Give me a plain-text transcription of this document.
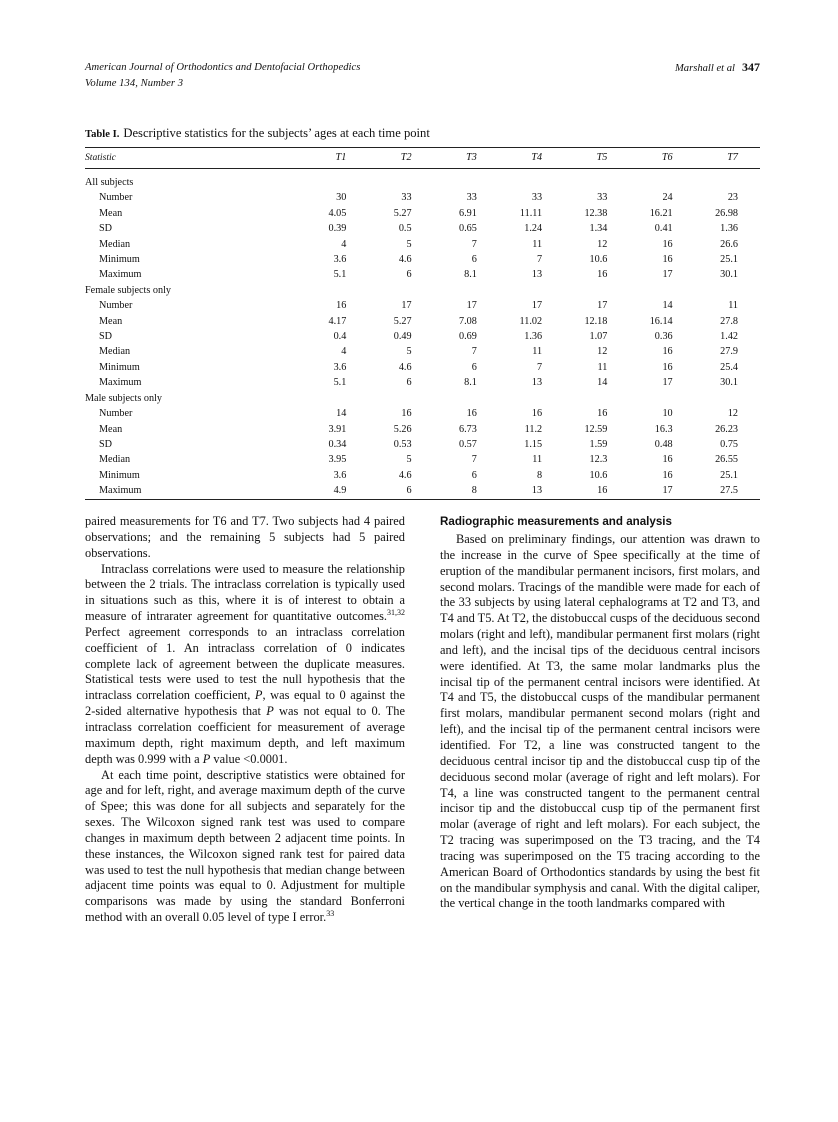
American Journal of Orthodontics and Dentofacial Orthopedics
Volume 134, Number 3
Marshall et al 347
Table I. Descriptive statistics for the subjects’ ages at each time point
Statistic	T1	T2	T3	T4	T5	T6	T7

All subjects							
Number	30	33	33	33	33	24	23
Mean	4.05	5.27	6.91	11.11	12.38	16.21	26.98
SD	0.39	0.5	0.65	1.24	1.34	0.41	1.36
Median	4	5	7	11	12	16	26.6
Minimum	3.6	4.6	6	7	10.6	16	25.1
Maximum	5.1	6	8.1	13	16	17	30.1
Female subjects only							
Number	16	17	17	17	17	14	11
Mean	4.17	5.27	7.08	11.02	12.18	16.14	27.8
SD	0.4	0.49	0.69	1.36	1.07	0.36	1.42
Median	4	5	7	11	12	16	27.9
Minimum	3.6	4.6	6	7	11	16	25.4
Maximum	5.1	6	8.1	13	14	17	30.1
Male subjects only							
Number	14	16	16	16	16	10	12
Mean	3.91	5.26	6.73	11.2	12.59	16.3	26.23
SD	0.34	0.53	0.57	1.15	1.59	0.48	0.75
Median	3.95	5	7	11	12.3	16	26.55
Minimum	3.6	4.6	6	8	10.6	16	25.1
Maximum	4.9	6	8	13	16	17	27.5

paired measurements for T6 and T7. Two subjects had 4 paired observations; and the remaining 5 subjects had 5 paired observations.

Intraclass correlations were used to measure the relationship between the 2 trials. The intraclass correlation is typically used in situations such as this, where it is of interest to obtain a measure of intrarater agreement for quantitative outcomes.$^{31,32}$ Perfect agreement corresponds to an intraclass correlation coefficient of 1. An intraclass correlation of 0 indicates complete lack of agreement between the duplicate measures. Statistical tests were used to test the null hypothesis that the intraclass correlation coefficient, P, was equal to 0 against the 2-sided alternative hypothesis that P was not equal to 0. The intraclass correlation coefficient for measurement of average maximum depth, right maximum depth, and left maximum depth was 0.999 with a P value <0.0001.

At each time point, descriptive statistics were obtained for age and for left, right, and average maximum depth of the curve of Spee; this was done for all subjects and separately for the sexes. The Wilcoxon signed rank test was used to compare changes in maximum depth between 2 adjacent time points. In these instances, the Wilcoxon signed rank test for paired data was used to test the null hypothesis that median change between adjacent time points was equal to 0. Adjustment for multiple comparisons was made by using the standard Bonferroni method with an overall 0.05 level of type I error.$^{33}$

Radiographic measurements and analysis

Based on preliminary findings, our attention was drawn to the increase in the curve of Spee specifically at the time of eruption of the mandibular permanent incisors, first molars, and second molars. Tracings of the mandible were made for each of the 33 subjects by using lateral cephalograms at T2 and T3, and T4 and T5. At T2, the distobuccal cusps of the deciduous second molars (right and left), mandibular permanent first molars (right and left), and the incisal tips of the deciduous central incisors were identified. At T3, the same molar landmarks plus the incisal tip of the permanent central incisors were identified. At T4 and T5, the distobuccal cusps of the mandibular permanent first molars, mandibular permanent second molars (right and left), and the incisal tip of the permanent central incisors were identified. For T2, a line was constructed tangent to the deciduous central incisor tip and the distobuccal cusp tip of the deciduous second molar (average of right and left molars). For T4, a line was constructed tangent to the permanent central incisor tip and the distobuccal cusp tip of the permanent first molar (average of right and left molars). For each subject, the T2 tracing was superimposed on the T3 tracing, and the T4 tracing was superimposed on the T5 tracing according to the American Board of Orthodontics standards by using the best fit on the mandibular symphysis and canal. With the digital caliper, the vertical change in the tooth landmarks compared with
